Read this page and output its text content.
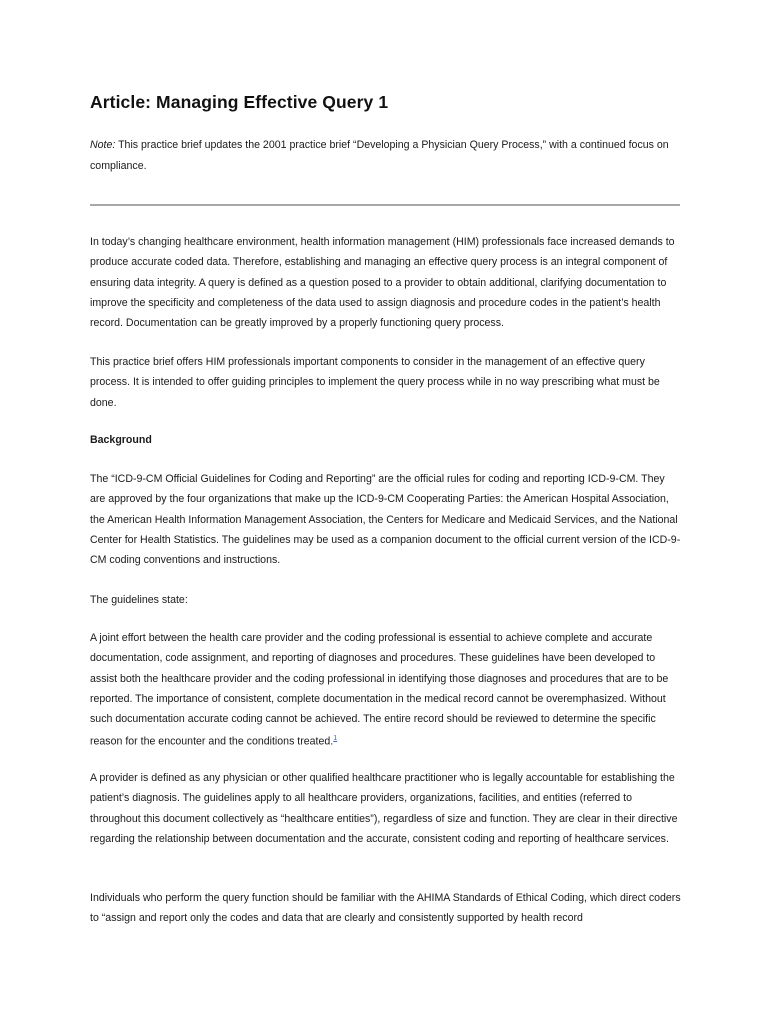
Article: Managing Effective Query 1

Note: This practice brief updates the 2001 practice brief “Developing a Physician Query Process,” with a continued focus on compliance.

In today’s changing healthcare environment, health information management (HIM) professionals face increased demands to produce accurate coded data. Therefore, establishing and managing an effective query process is an integral component of ensuring data integrity. A query is defined as a question posed to a provider to obtain additional, clarifying documentation to improve the specificity and completeness of the data used to assign diagnosis and procedure codes in the patient’s health record. Documentation can be greatly improved by a properly functioning query process.

This practice brief offers HIM professionals important components to consider in the management of an effective query process. It is intended to offer guiding principles to implement the query process while in no way prescribing what must be done.

Background

The “ICD-9-CM Official Guidelines for Coding and Reporting” are the official rules for coding and reporting ICD-9-CM. They are approved by the four organizations that make up the ICD-9-CM Cooperating Parties: the American Hospital Association, the American Health Information Management Association, the Centers for Medicare and Medicaid Services, and the National Center for Health Statistics. The guidelines may be used as a companion document to the official current version of the ICD-9-CM coding conventions and instructions.

The guidelines state:

A joint effort between the health care provider and the coding professional is essential to achieve complete and accurate documentation, code assignment, and reporting of diagnoses and procedures. These guidelines have been developed to assist both the healthcare provider and the coding professional in identifying those diagnoses and procedures that are to be reported. The importance of consistent, complete documentation in the medical record cannot be overemphasized. Without such documentation accurate coding cannot be achieved. The entire record should be reviewed to determine the specific reason for the encounter and the conditions treated.$^1$

A provider is defined as any physician or other qualified healthcare practitioner who is legally accountable for establishing the patient’s diagnosis. The guidelines apply to all healthcare providers, organizations, facilities, and entities (referred to throughout this document collectively as “healthcare entities”), regardless of size and function. They are clear in their directive regarding the relationship between documentation and the accurate, consistent coding and reporting of healthcare services.

Individuals who perform the query function should be familiar with the AHIMA Standards of Ethical Coding, which direct coders to “assign and report only the codes and data that are clearly and consistently supported by health record
